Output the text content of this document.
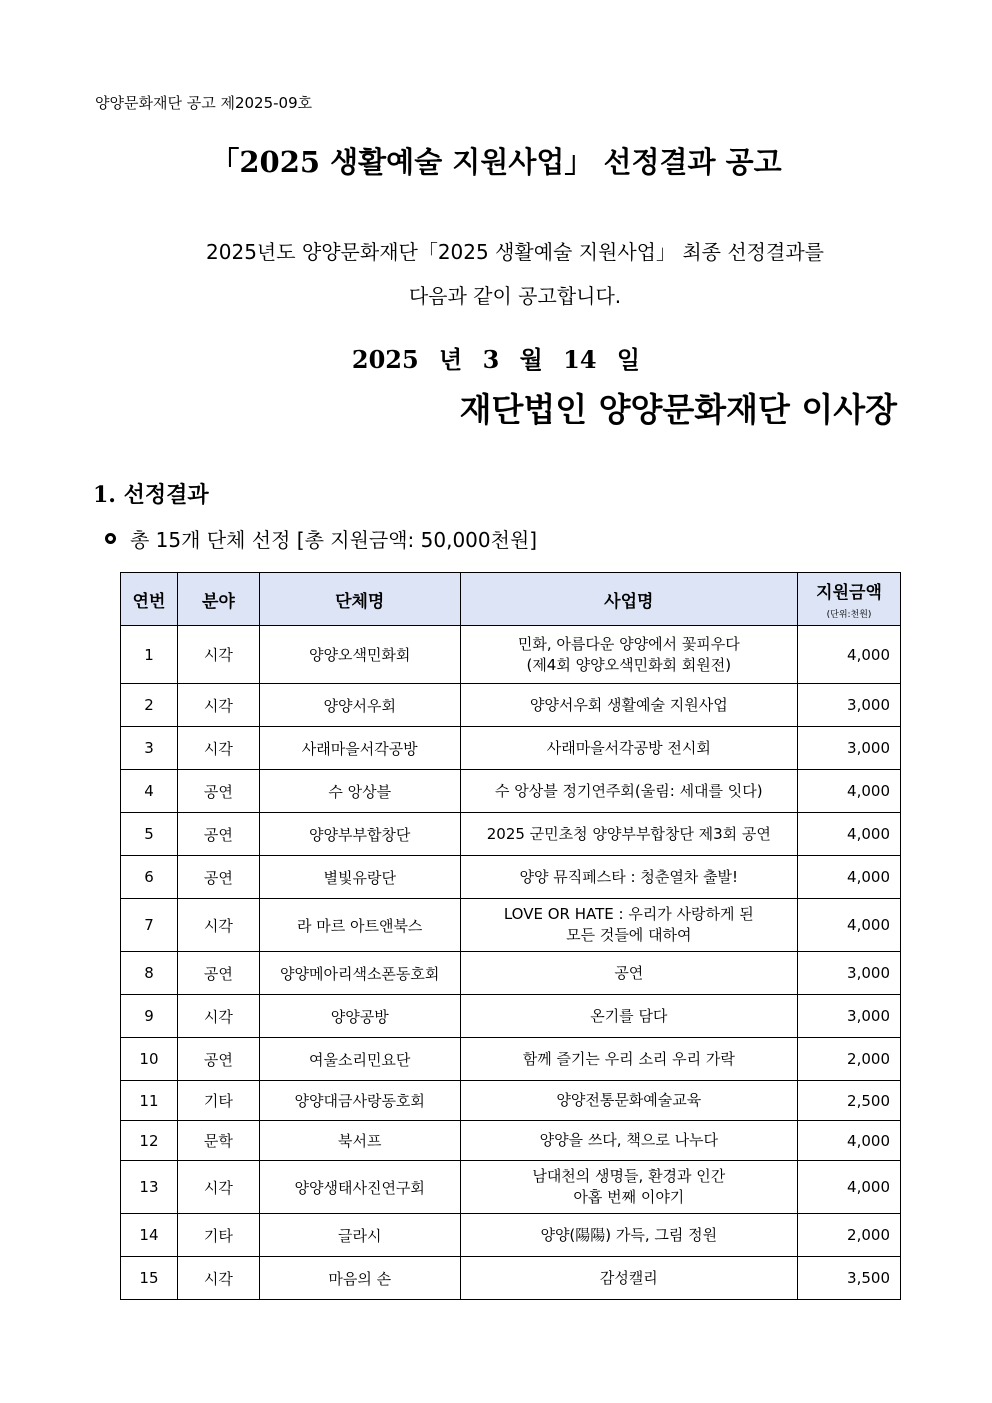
양양문화재단 공고 제2025-09호
「2025 생활예술 지원사업」 선정결과 공고
2025년도 양양문화재단「2025 생활예술 지원사업」 최종 선정결과를
다음과 같이 공고합니다.
2025 년 3 월 14 일
재단법인 양양문화재단 이사장
1. 선정결과
총 15개 단체 선정 [총 지원금액: 50,000천원]
연번	분야	단체명	사업명	지원금액
(단위:천원)

1	시각	양양오색민화회	민화, 아름다운 양양에서 꽃피우다
(제4회 양양오색민화회 회원전)	4,000
2	시각	양양서우회	양양서우회 생활예술 지원사업	3,000
3	시각	사래마을서각공방	사래마을서각공방 전시회	3,000
4	공연	수 앙상블	수 앙상블 정기연주회(울림: 세대를 잇다)	4,000
5	공연	양양부부합창단	2025 군민초청 양양부부합창단 제3회 공연	4,000
6	공연	별빛유랑단	양양 뮤직페스타 : 청춘열차 출발!	4,000
7	시각	라 마르 아트앤북스	LOVE OR HATE : 우리가 사랑하게 된
모든 것들에 대하여	4,000
8	공연	양양메아리색소폰동호회	공연	3,000
9	시각	양양공방	온기를 담다	3,000
10	공연	여울소리민요단	함께 즐기는 우리 소리 우리 가락	2,000
11	기타	양양대금사랑동호회	양양전통문화예술교육	2,500
12	문학	북서프	양양을 쓰다, 책으로 나누다	4,000
13	시각	양양생태사진연구회	남대천의 생명들, 환경과 인간
아홉 번째 이야기	4,000
14	기타	글라시	양양(陽陽) 가득, 그림 정원	2,000
15	시각	마음의 손	감성캘리	3,500
